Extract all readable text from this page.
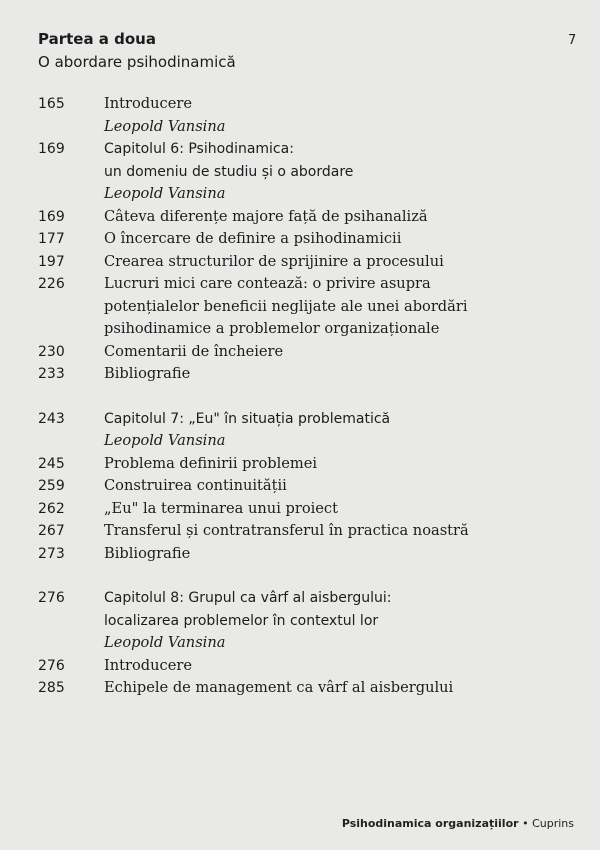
7
Partea a doua
O abordare psihodinamică
165	Introducere
Leopold Vansina
169	Capitolul 6: Psihodinamica:
un domeniu de studiu și o abordare
Leopold Vansina
169	Câteva diferențe majore față de psihanaliză
177	O încercare de definire a psihodinamicii
197	Crearea structurilor de sprijinire a procesului
226	Lucruri mici care contează: o privire asupra
potențialelor beneficii neglijate ale unei abordări
psihodinamice a problemelor organizaționale
230	Comentarii de încheiere
233	Bibliografie
243	Capitolul 7: „Eu" în situația problematică
Leopold Vansina
245	Problema definirii problemei
259	Construirea continuității
262	„Eu" la terminarea unui proiect
267	Transferul și contratransferul în practica noastră
273	Bibliografie
276	Capitolul 8: Grupul ca vârf al aisbergului:
localizarea problemelor în contextul lor
Leopold Vansina
276	Introducere
285	Echipele de management ca vârf al aisbergului
Psihodinamica organizațiilor • Cuprins
